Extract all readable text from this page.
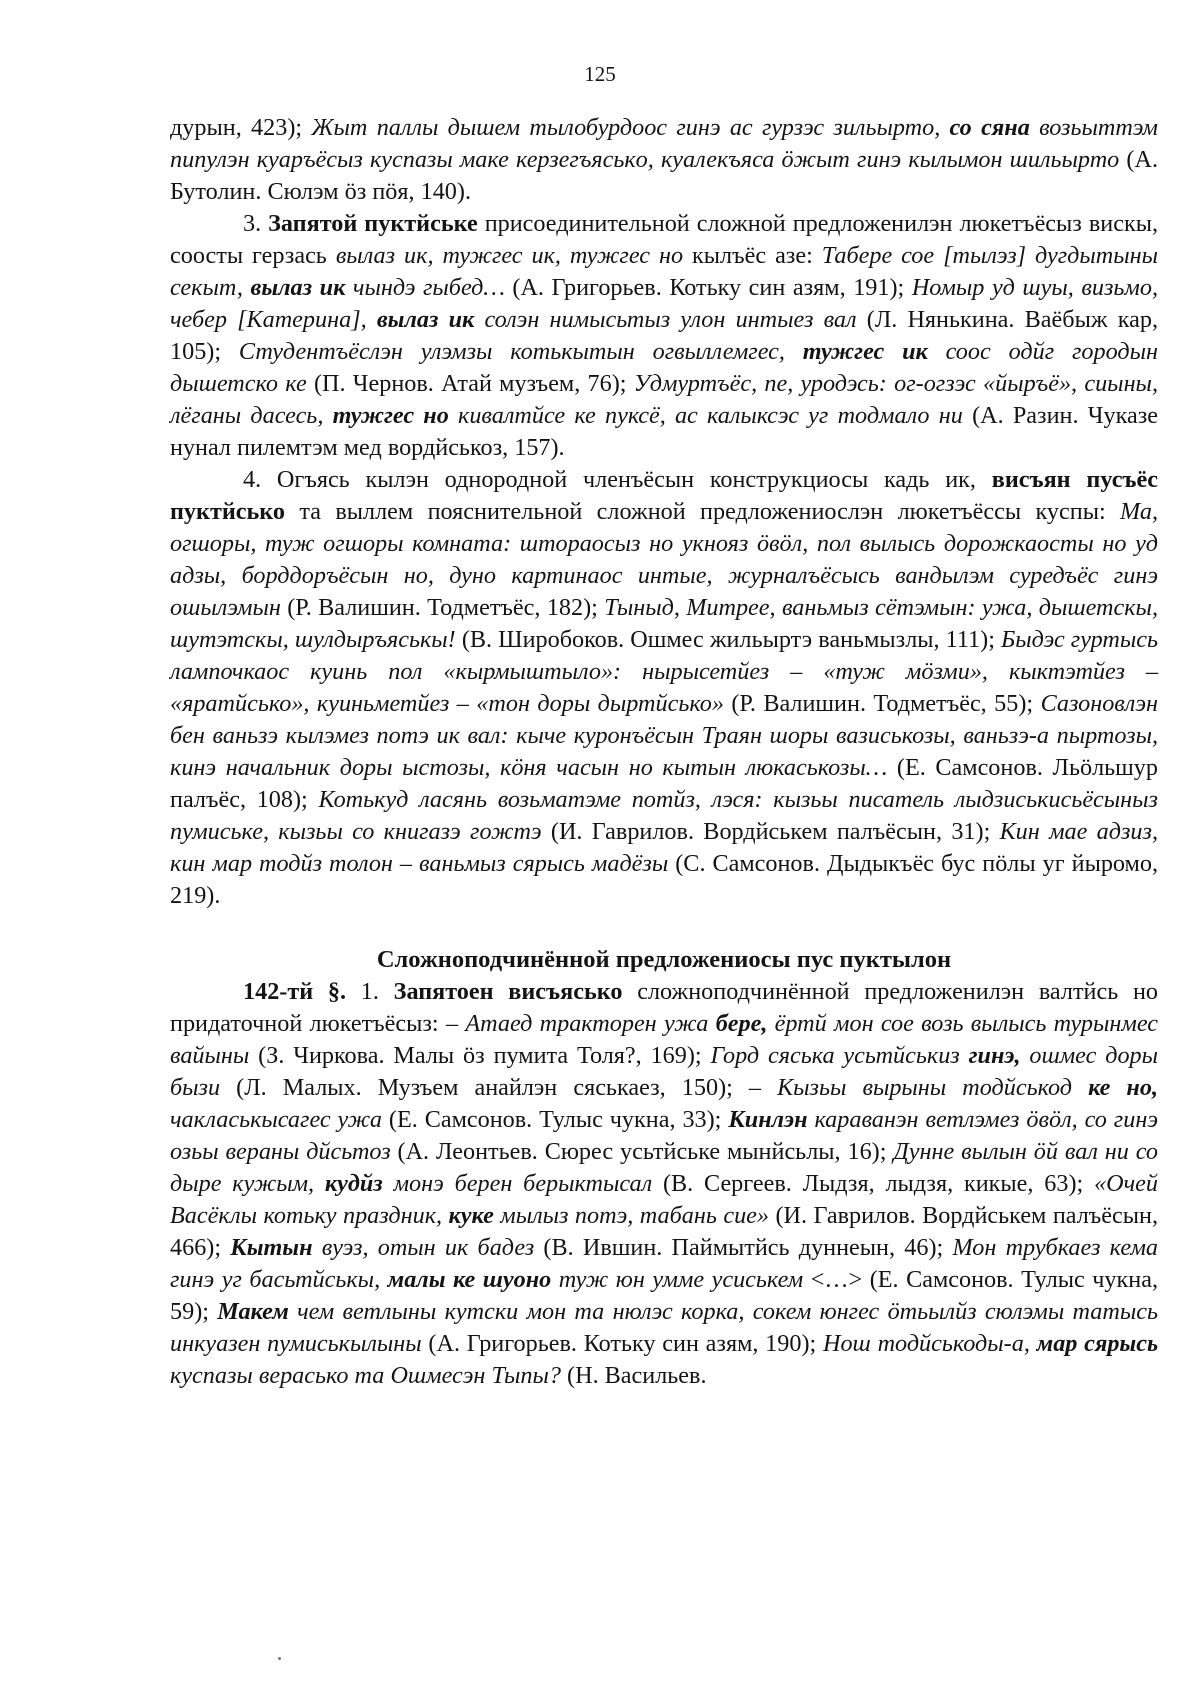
125

дурын, 423); Жыт паллы дышем тылобурдоос гинэ ас гурзэс зильырто, со сяна возьыттэм пипулэн куаръёсыз куспазы маке керзегъяськo, куалекъяса öжыт гинэ кылымон шильырто (А. Бутолин. Сюлэм öз пöя, 140).

3. Запятой пуктйське присоединительной сложной предложенилэн люкетъёсыз вискы, соосты герзась вылаз ик, тужгес ик, тужгес но кылъёс азе: Табере сое [тылэз] дугдытыны секыт, вылаз ик чындэ гыбед… (А. Григорьев. Котьку син азям, 191); Номыр уд шуы, визьмо, чебер [Катерина], вылаз ик солэн нимысьтыз улон интыез вал (Л. Нянькина. Ваёбыж кар, 105); Студентъёслэн улэмзы котькытын огвыллемгес, тужгес ик соос одйг городын дышетско ке (П. Чернов. Атай музъем, 76); Удмуртъёс, пе, уродэсь: ог-огзэс «йыръё», сиыны, лёганы дасесь, тужгес но кивалтйсе ке пуксё, ас калыксэс уг тодмало ни (А. Разин. Чуказе нунал пилемтэм мед вордйськоз, 157).

4. Огъясь кылэн однородной членъёсын конструкциосы кадь ик, висъян пусъёс пуктйсько та выллем пояснительной сложной предложениослэн люкетъёссы куспы: Ма, огшоры, туж огшоры комната: штораосыз но укнояз öвöл, пол вылысь дорожкаосты но уд адзы, борддоръёсын но, дуно картинаос интые, журналъёсысь вандылэм суредъёс гинэ ошылэмын (Р. Валишин. Тодметъёс, 182); Тыныд, Митрее, ваньмыз сётэмын: ужа, дышетскы, шутэтскы, шулдыръяськы! (В. Широбоков. Ошмес жильыртэ ваньмызлы, 111); Быдэс гуртысь лампочкаос куинь пол «кырмыштыло»: нырысетйез – «туж мöзми», кыктэтйез – «яратйсько», куиньметйез – «тон доры дыртйсько» (Р. Валишин. Тодметъёс, 55); Сазоновлэн бен ваньзэ кылэмез потэ ик вал: кыче куронъёсын Траян шоры вазиськозы, ваньзэ-а пыртозы, кинэ начальник доры ыстозы, кöня часын но кытын люкаськозы… (Е. Самсонов. Льöльшур палъёс, 108); Котькуд ласянь возьматэме потйз, лэся: кызьы писатель лыдзиськисьёсыныз пумиське, кызьы со книгазэ гожтэ (И. Гаврилов. Вордйськем палъёсын, 31); Кин мае адзиз, кин мар тодйз толон – ваньмыз сярысь мадёзы (С. Самсонов. Дыдыкъёс бус пöлы уг йыромо, 219).

Сложноподчинённой предложениосы пус пуктылон

142-тй §. 1. Запятоен висъясько сложноподчинённой предложенилэн валтйсь но придаточной люкетъёсыз: – Атаед тракторен ужа бере, ёртй мон сое возь вылысь турынмес вайыны (З. Чиркова. Малы öз пумита Толя?, 169); Горд сяська усьтйськиз гинэ, ошмес доры бызи (Л. Малых. Музъем анайлэн сяськаез, 150); – Кызьы вырыны тодйськод ке но, чакласькысагес ужа (Е. Самсонов. Тулыс чукна, 33); Кинлэн караванэн ветлэмез öвöл, со гинэ озьы вераны дйсьтоз (А. Леонтьев. Сюрес усьтйське мынйсьлы, 16); Дунне вылын öй вал ни со дыре кужым, кудйз монэ берен берыктысал (В. Сергеев. Лыдзя, лыдзя, кикые, 63); «Очей Васёклы котьку праздник, куке мылыз потэ, табань сие» (И. Гаврилов. Вордйськем палъёсын, 466); Кытын вуэз, отын ик бадез (В. Ившин. Паймытйсь дуннеын, 46); Мон трубкаез кема гинэ уг басьтйськы, малы ке шуоно туж юн умме усиськем <…> (Е. Самсонов. Тулыс чукна, 59); Макем чем ветлыны кутски мон та нюлэс корка, сокем юнгес öтьылйз сюлэмы татысь инкуазен пумиськылыны (А. Григорьев. Котьку син азям, 190); Нош тодйськоды-а, мар сярысь куспазы верасько та Ошмесэн Тыпы? (Н. Васильев.
